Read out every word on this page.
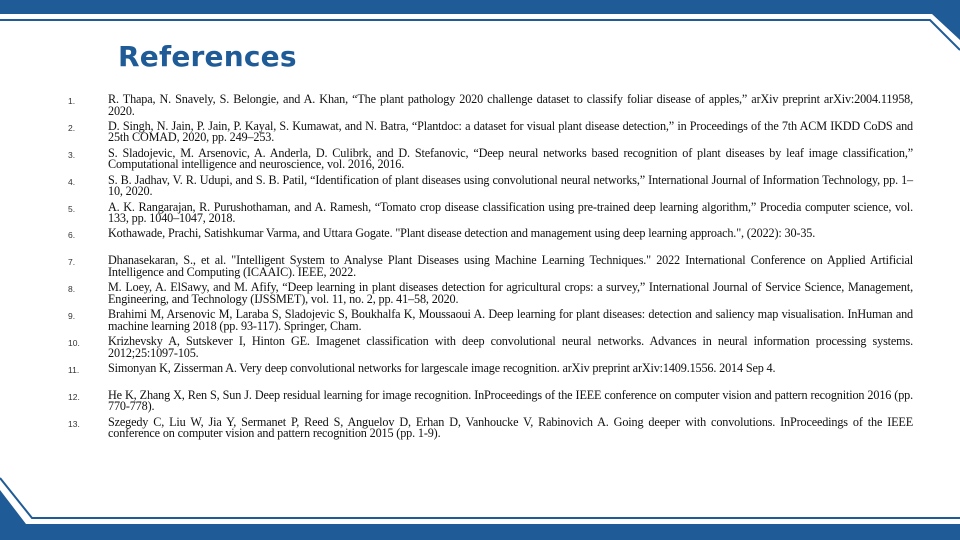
References
1.	R. Thapa, N. Snavely, S. Belongie, and A. Khan, “The plant pathology 2020 challenge dataset to classify foliar disease of apples,” arXiv preprint arXiv:2004.11958, 2020.
2.	D. Singh, N. Jain, P. Jain, P. Kayal, S. Kumawat, and N. Batra, “Plantdoc: a dataset for visual plant disease detection,” in Proceedings of the 7th ACM IKDD CoDS and 25th COMAD, 2020, pp. 249–253.
3.	S. Sladojevic, M. Arsenovic, A. Anderla, D. Culibrk, and D. Stefanovic, “Deep neural networks based recognition of plant diseases by leaf image classification,” Computational intelligence and neuroscience, vol. 2016, 2016.
4.	S. B. Jadhav, V. R. Udupi, and S. B. Patil, “Identification of plant diseases using convolutional neural networks,” International Journal of Information Technology, pp. 1–10, 2020.
5.	A. K. Rangarajan, R. Purushothaman, and A. Ramesh, “Tomato crop disease classification using pre-trained deep learning algorithm,” Procedia computer science, vol. 133, pp. 1040–1047, 2018.
6.	Kothawade, Prachi, Satishkumar Varma, and Uttara Gogate. "Plant disease detection and management using deep learning approach.", (2022): 30-35.
7.	Dhanasekaran, S., et al. "Intelligent System to Analyse Plant Diseases using Machine Learning Techniques." 2022 International Conference on Applied Artificial Intelligence and Computing (ICAAIC). IEEE, 2022.
8.	M. Loey, A. ElSawy, and M. Afify, “Deep learning in plant diseases detection for agricultural crops: a survey,” International Journal of Service Science, Management, Engineering, and Technology (IJSSMET), vol. 11, no. 2, pp. 41–58, 2020.
9.	Brahimi M, Arsenovic M, Laraba S, Sladojevic S, Boukhalfa K, Moussaoui A. Deep learning for plant diseases: detection and saliency map visualisation. InHuman and machine learning 2018 (pp. 93-117). Springer, Cham.
10.	Krizhevsky A, Sutskever I, Hinton GE. Imagenet classification with deep convolutional neural networks. Advances in neural information processing systems. 2012;25:1097-105.
11.	Simonyan K, Zisserman A. Very deep convolutional networks for largescale image recognition. arXiv preprint arXiv:1409.1556. 2014 Sep 4.
12.	He K, Zhang X, Ren S, Sun J. Deep residual learning for image recognition. InProceedings of the IEEE conference on computer vision and pattern recognition 2016 (pp. 770-778).
13.	Szegedy C, Liu W, Jia Y, Sermanet P, Reed S, Anguelov D, Erhan D, Vanhoucke V, Rabinovich A. Going deeper with convolutions. InProceedings of the IEEE conference on computer vision and pattern recognition 2015 (pp. 1-9).
